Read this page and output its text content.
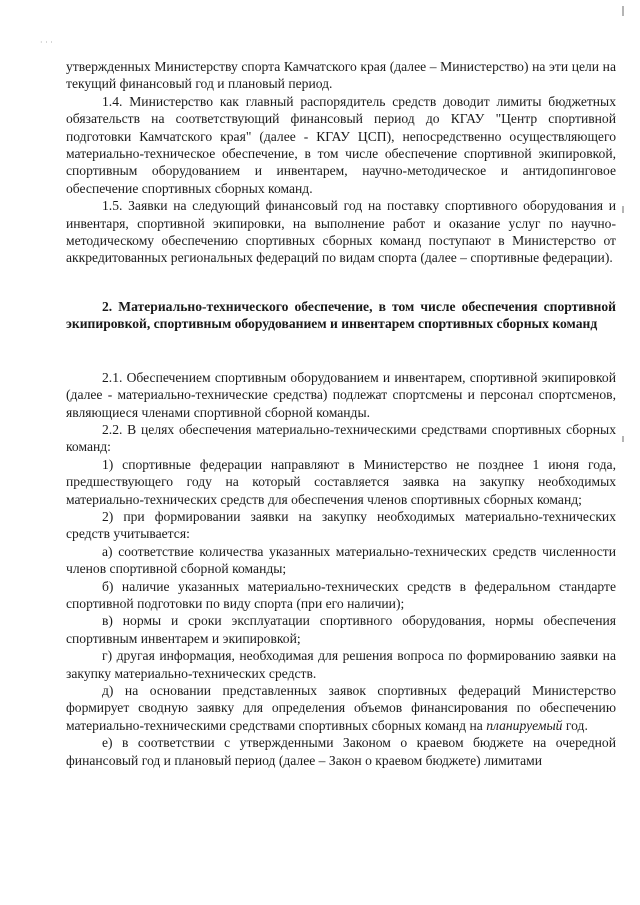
· · ·

утвержденных Министерству спорта Камчатского края (далее – Министерство) на эти цели на текущий финансовый год и плановый период.

1.4. Министерство как главный распорядитель средств доводит лимиты бюджетных обязательств на соответствующий финансовый период до КГАУ "Центр спортивной подготовки Камчатского края" (далее - КГАУ ЦСП), непосредственно осуществляющего материально-техническое обеспечение, в том числе обеспечение спортивной экипировкой, спортивным оборудованием и инвентарем, научно-методическое и антидопинговое обеспечение спортивных сборных команд.

1.5. Заявки на следующий финансовый год на поставку спортивного оборудования и инвентаря, спортивной экипировки, на выполнение работ и оказание услуг по научно-методическому обеспечению спортивных сборных команд поступают в Министерство от аккредитованных региональных федераций по видам спорта (далее – спортивные федерации).

2. Материально-технического обеспечение, в том числе обеспечения спортивной экипировкой, спортивным оборудованием и инвентарем спортивных сборных команд

2.1. Обеспечением спортивным оборудованием и инвентарем, спортивной экипировкой (далее - материально-технические средства) подлежат спортсмены и персонал спортсменов, являющиеся членами спортивной сборной команды.

2.2. В целях обеспечения материально-техническими средствами спортивных сборных команд:

1) спортивные федерации направляют в Министерство не позднее 1 июня года, предшествующего году на который составляется заявка на закупку необходимых материально-технических средств для обеспечения членов спортивных сборных команд;

2) при формировании заявки на закупку необходимых материально-технических средств учитывается:

а) соответствие количества указанных материально-технических средств численности членов спортивной сборной команды;

б) наличие указанных материально-технических средств в федеральном стандарте спортивной подготовки по виду спорта (при его наличии);

в) нормы и сроки эксплуатации спортивного оборудования, нормы обеспечения спортивным инвентарем и экипировкой;

г) другая информация, необходимая для решения вопроса по формированию заявки на закупку материально-технических средств.

д) на основании представленных заявок спортивных федераций Министерство формирует сводную заявку для определения объемов финансирования по обеспечению материально-техническими средствами спортивных сборных команд на планируемый год.

е) в соответствии с утвержденными Законом о краевом бюджете на очередной финансовый год и плановый период (далее – Закон о краевом бюджете) лимитами
